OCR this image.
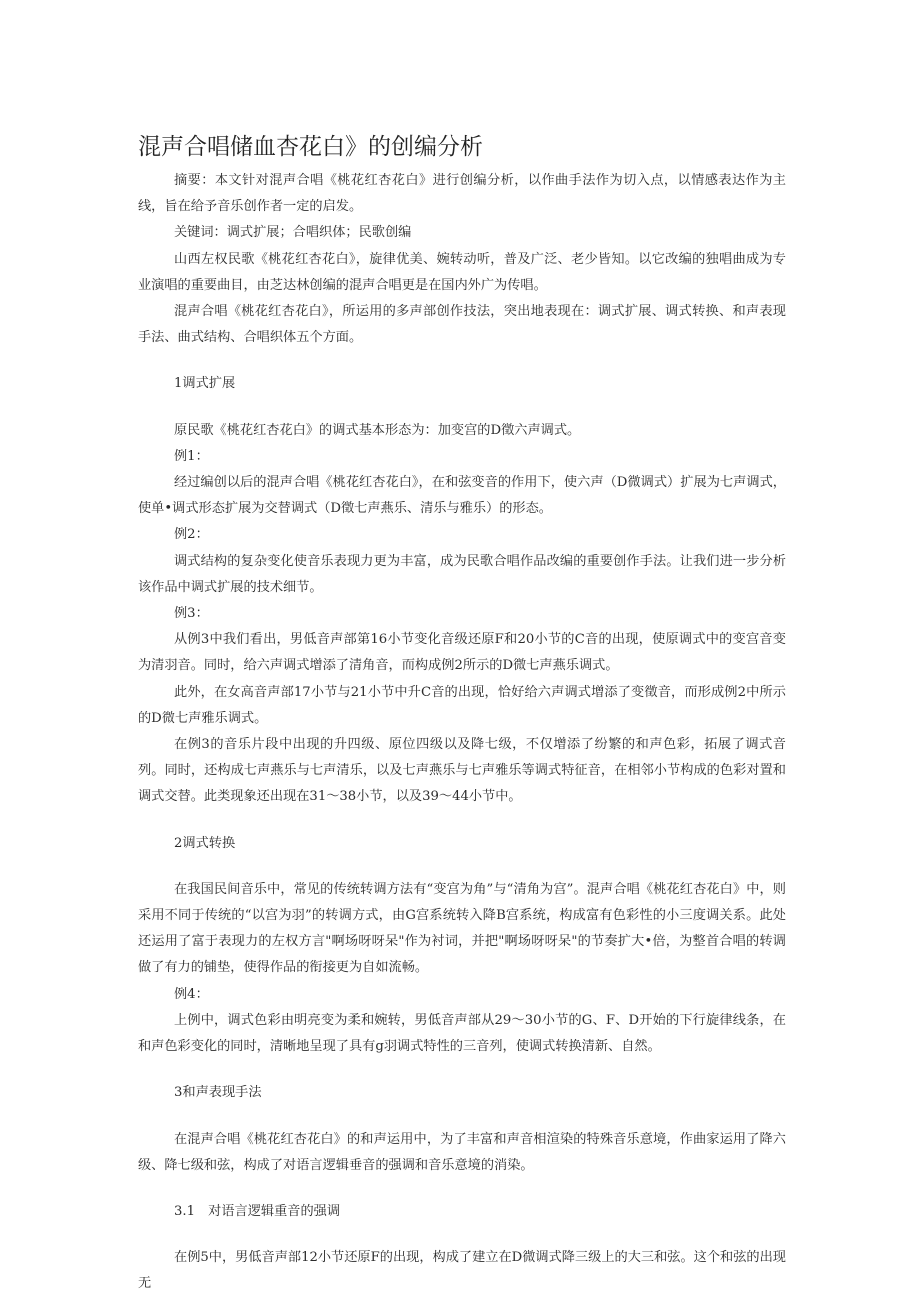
混声合唱储血杏花白》的创编分析

摘要：本文针对混声合唱《桃花红杏花白》进行创编分析，以作曲手法作为切入点，以情感表达作为主线，旨在给予音乐创作者一定的启发。

关键词：调式扩展；合唱织体；民歌创编

山西左权民歌《桃花红杏花白》，旋律优美、婉转动听，普及广泛、老少皆知。以它改编的独唱曲成为专业演唱的重要曲目，由芝达林创编的混声合唱更是在国内外广为传唱。

混声合唱《桃花红杏花白》，所运用的多声部创作技法，突出地表现在：调式扩展、调式转换、和声表现手法、曲式结构、合唱织体五个方面。

1调式扩展

原民歌《桃花红杏花白》的调式基本形态为：加变宫的D徵六声调式。

例1：

经过编创以后的混声合唱《桃花红杏花白》，在和弦变音的作用下，使六声（D微调式）扩展为七声调式，使单•调式形态扩展为交替调式（D徵七声燕乐、清乐与雅乐）的形态。

例2：

调式结构的复杂变化使音乐表现力更为丰富，成为民歌合唱作品改编的重要创作手法。让我们进一步分析该作品中调式扩展的技术细节。

例3：

从例3中我们看出，男低音声部第16小节变化音级还原F和20小节的C音的出现，使原调式中的变宫音变为清羽音。同时，给六声调式增添了清角音，而构成例2所示的D微七声燕乐调式。

此外，在女高音声部17小节与21小节中升C音的出现，恰好给六声调式增添了变徵音，而形成例2中所示的D微七声雅乐调式。

在例3的音乐片段中出现的升四级、原位四级以及降七级，不仅增添了纷繁的和声色彩，拓展了调式音列。同时，还构成七声燕乐与七声清乐，以及七声燕乐与七声雅乐等调式特征音，在相邻小节构成的色彩对置和调式交替。此类现象还出现在31〜38小节，以及39〜44小节中。

2调式转换

在我国民间音乐中，常见的传统转调方法有“变宫为角”与“清角为宫”。混声合唱《桃花红杏花白》中，则采用不同于传统的“以宫为羽”的转调方式，由G宫系统转入降B宫系统，构成富有色彩性的小三度调关系。此处还运用了富于表现力的左权方言"啊场呀呀呆"作为衬词，并把"啊场呀呀呆"的节奏扩大•倍，为整首合唱的转调做了有力的铺垫，使得作品的衔接更为自如流畅。

例4：

上例中，调式色彩由明亮变为柔和婉转，男低音声部从29〜30小节的G、F、D开始的下行旋律线条，在和声色彩变化的同时，清晰地呈现了具有g羽调式特性的三音列，使调式转换清新、自然。

3和声表现手法

在混声合唱《桃花红杏花白》的和声运用中，为了丰富和声音相渲染的特殊音乐意境，作曲家运用了降六级、降七级和弦，构成了对语言逻辑垂音的强调和音乐意境的消染。

3.1　对语言逻辑重音的强调

在例5中，男低音声部12小节还原F的出现，构成了建立在D微调式降三级上的大三和弦。这个和弦的出现无
